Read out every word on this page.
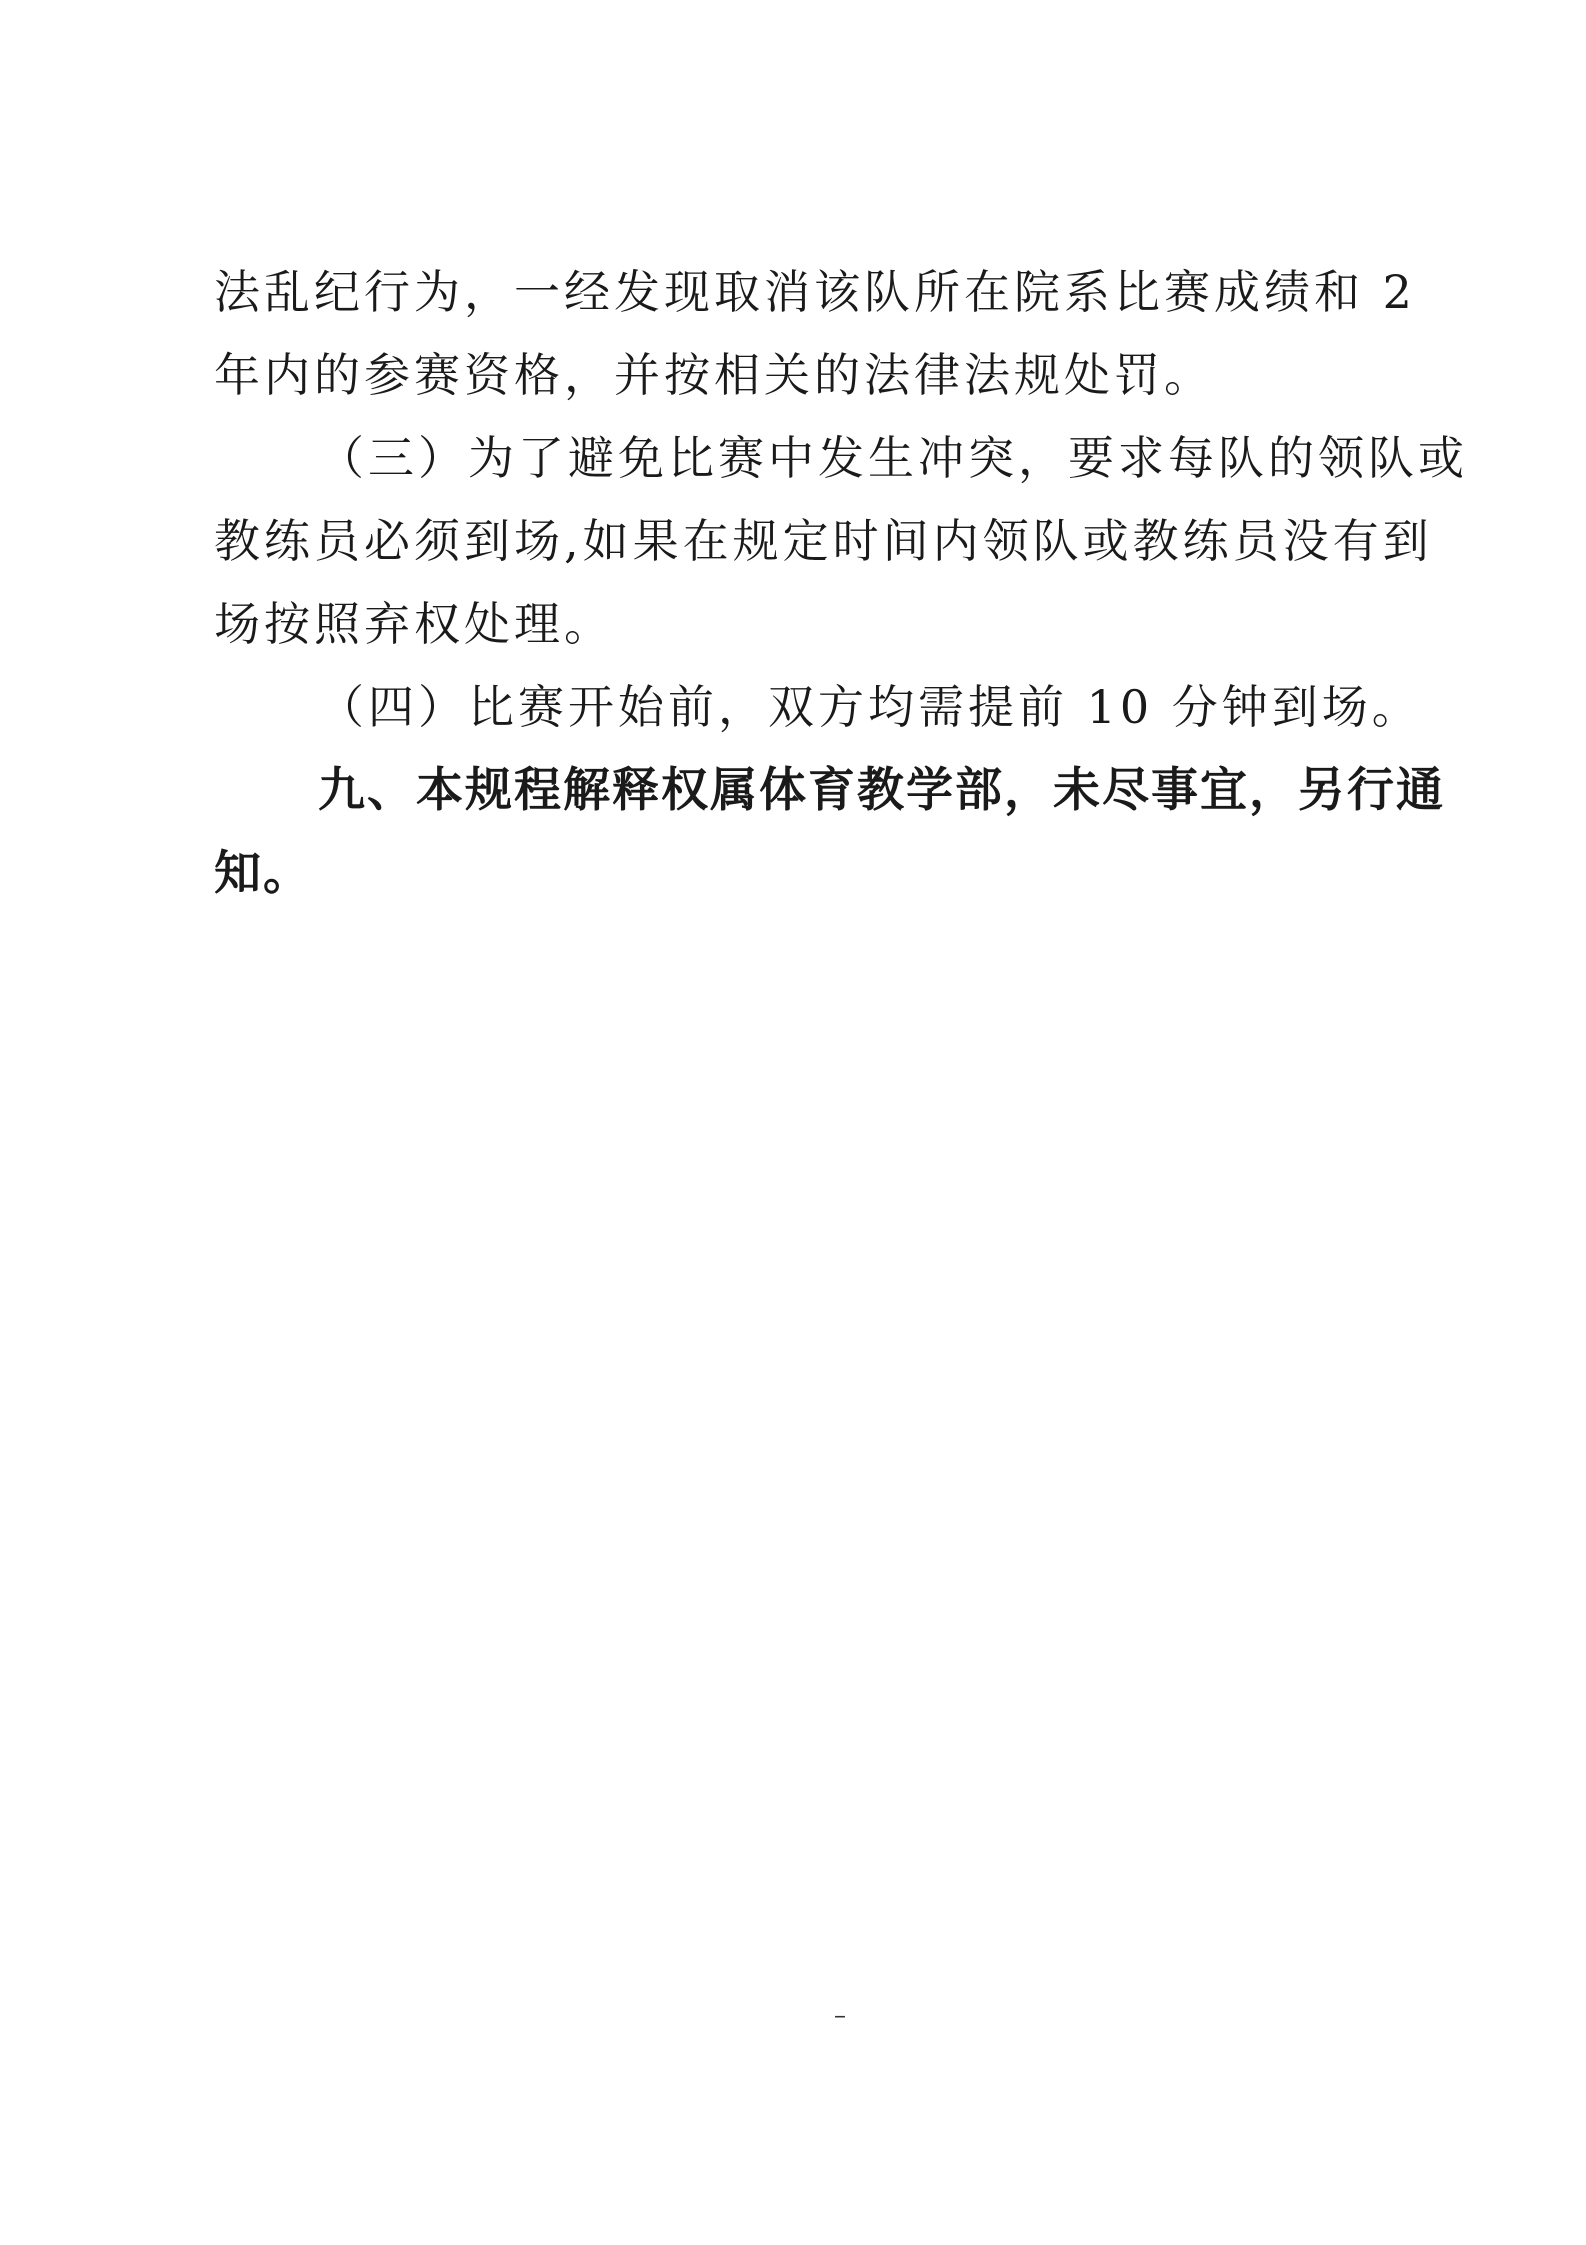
法乱纪行为，一经发现取消该队所在院系比赛成绩和 2
年内的参赛资格，并按相关的法律法规处罚。
（三）为了避免比赛中发生冲突，要求每队的领队或
教练员必须到场,如果在规定时间内领队或教练员没有到
场按照弃权处理。
（四）比赛开始前，双方均需提前 10 分钟到场。
九、本规程解释权属体育教学部，未尽事宜，另行通
知。
–
